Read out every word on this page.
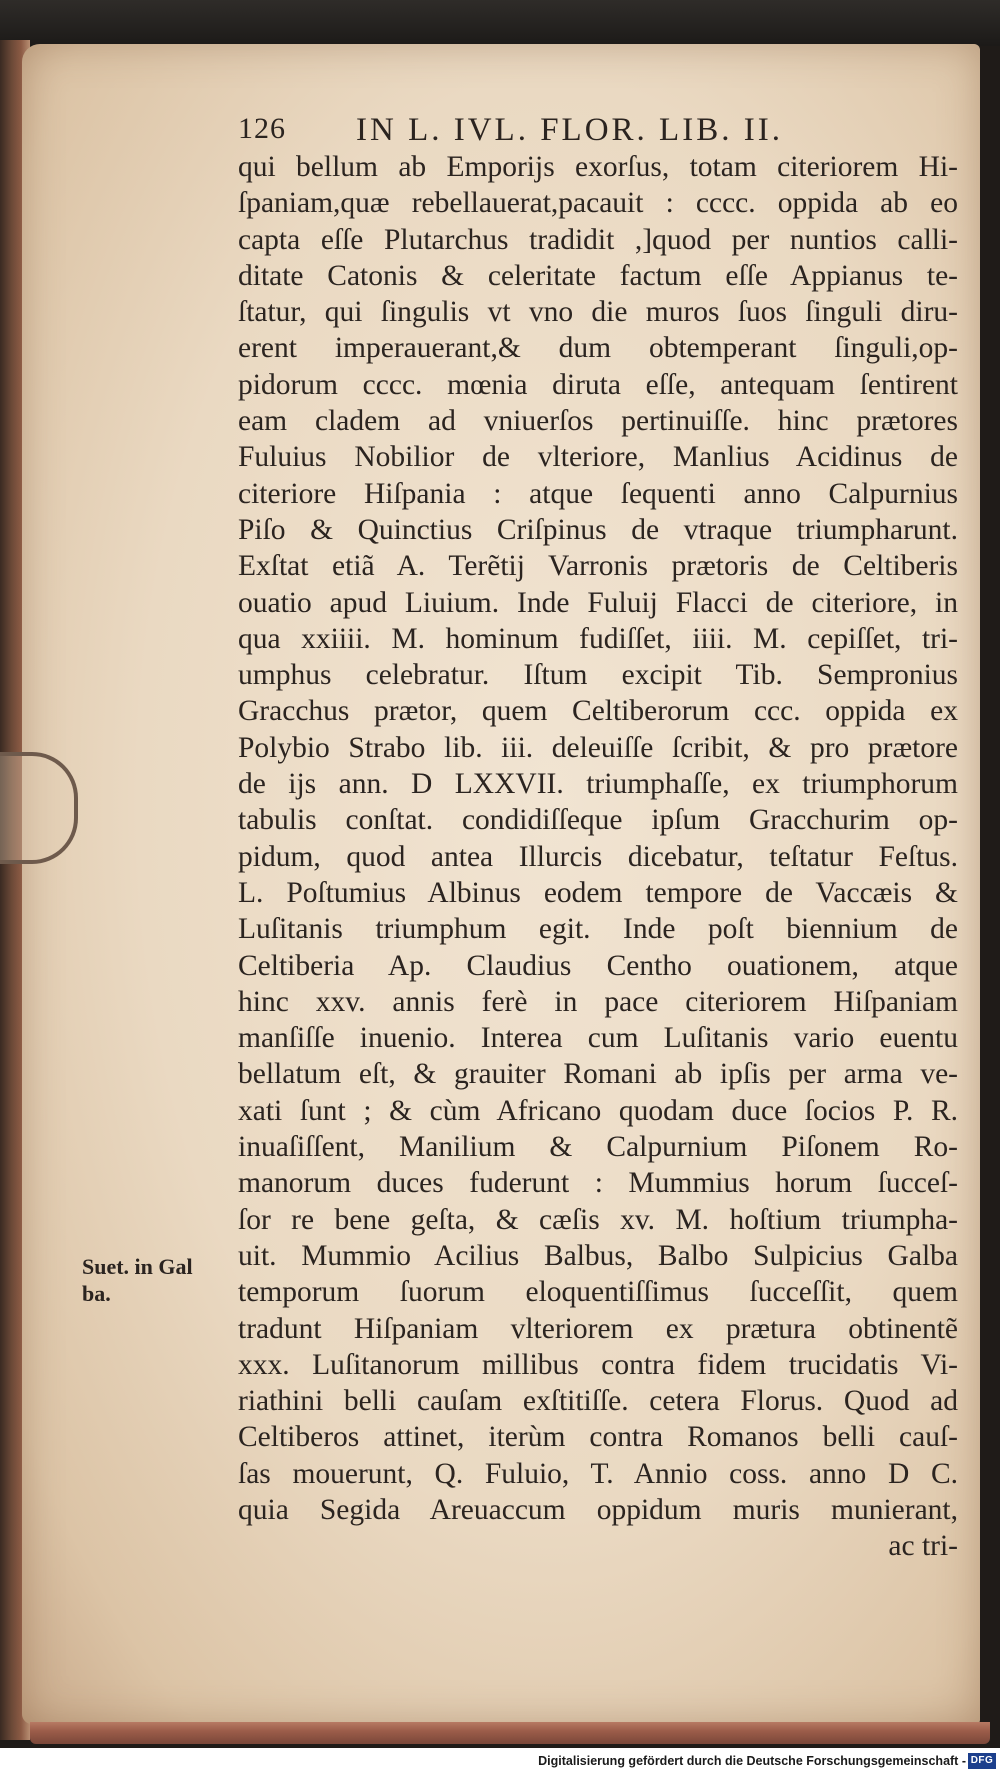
126 IN L. IVL. FLOR. LIB. II.
qui bellum ab Emporijs exorſus, totam citeriorem Hi-
ſpaniam,quæ rebellauerat,pacauit : cccc. oppida ab eo
capta eſſe Plutarchus tradidit ,]quod per nuntios calli-
ditate Catonis & celeritate factum eſſe Appianus te-
ſtatur, qui ſingulis vt vno die muros ſuos ſinguli diru-
erent imperauerant,& dum obtemperant ſinguli,op-
pidorum cccc. mœnia diruta eſſe, antequam ſentirent
eam cladem ad vniuerſos pertinuiſſe. hinc prætores
Fuluius Nobilior de vlteriore, Manlius Acidinus de
citeriore Hiſpania : atque ſequenti anno Calpurnius
Piſo & Quinctius Criſpinus de vtraque triumpharunt.
Exſtat etiã A. Terẽtij Varronis prætoris de Celtiberis
ouatio apud Liuium. Inde Fuluij Flacci de citeriore, in
qua xxiiii. M. hominum fudiſſet, iiii. M. cepiſſet, tri-
umphus celebratur. Iſtum excipit Tib. Sempronius
Gracchus prætor, quem Celtiberorum ccc. oppida ex
Polybio Strabo lib. iii. deleuiſſe ſcribit, & pro prætore
de ijs ann. D LXXVII. triumphaſſe, ex triumphorum
tabulis conſtat. condidiſſeque ipſum Gracchurim op-
pidum, quod antea Illurcis dicebatur, teſtatur Feſtus.
L. Poſtumius Albinus eodem tempore de Vaccæis &
Luſitanis triumphum egit. Inde poſt biennium de
Celtiberia Ap. Claudius Centho ouationem, atque
hinc xxv. annis ferè in pace citeriorem Hiſpaniam
manſiſſe inuenio. Interea cum Luſitanis vario euentu
bellatum eſt, & grauiter Romani ab ipſis per arma ve-
xati ſunt ; & cùm Africano quodam duce ſocios P. R.
inuaſiſſent, Manilium & Calpurnium Piſonem Ro-
manorum duces fuderunt : Mummius horum ſucceſ-
ſor re bene geſta, & cæſis xv. M. hoſtium triumpha-
uit. Mummio Acilius Balbus, Balbo Sulpicius Galba
temporum ſuorum eloquentiſſimus ſucceſſit, quem
tradunt Hiſpaniam vlteriorem ex prætura obtinentẽ
xxx. Luſitanorum millibus contra fidem trucidatis Vi-
riathini belli cauſam exſtitiſſe. cetera Florus. Quod ad
Celtiberos attinet, iterùm contra Romanos belli cauſ-
ſas mouerunt, Q. Fuluio, T. Annio coss. anno D C.
quia Segida Areuaccum oppidum muris munierant,
ac tri-
Suet. in Gal
ba.
Digitalisierung gefördert durch die Deutsche Forschungsgemeinschaft - DFG
